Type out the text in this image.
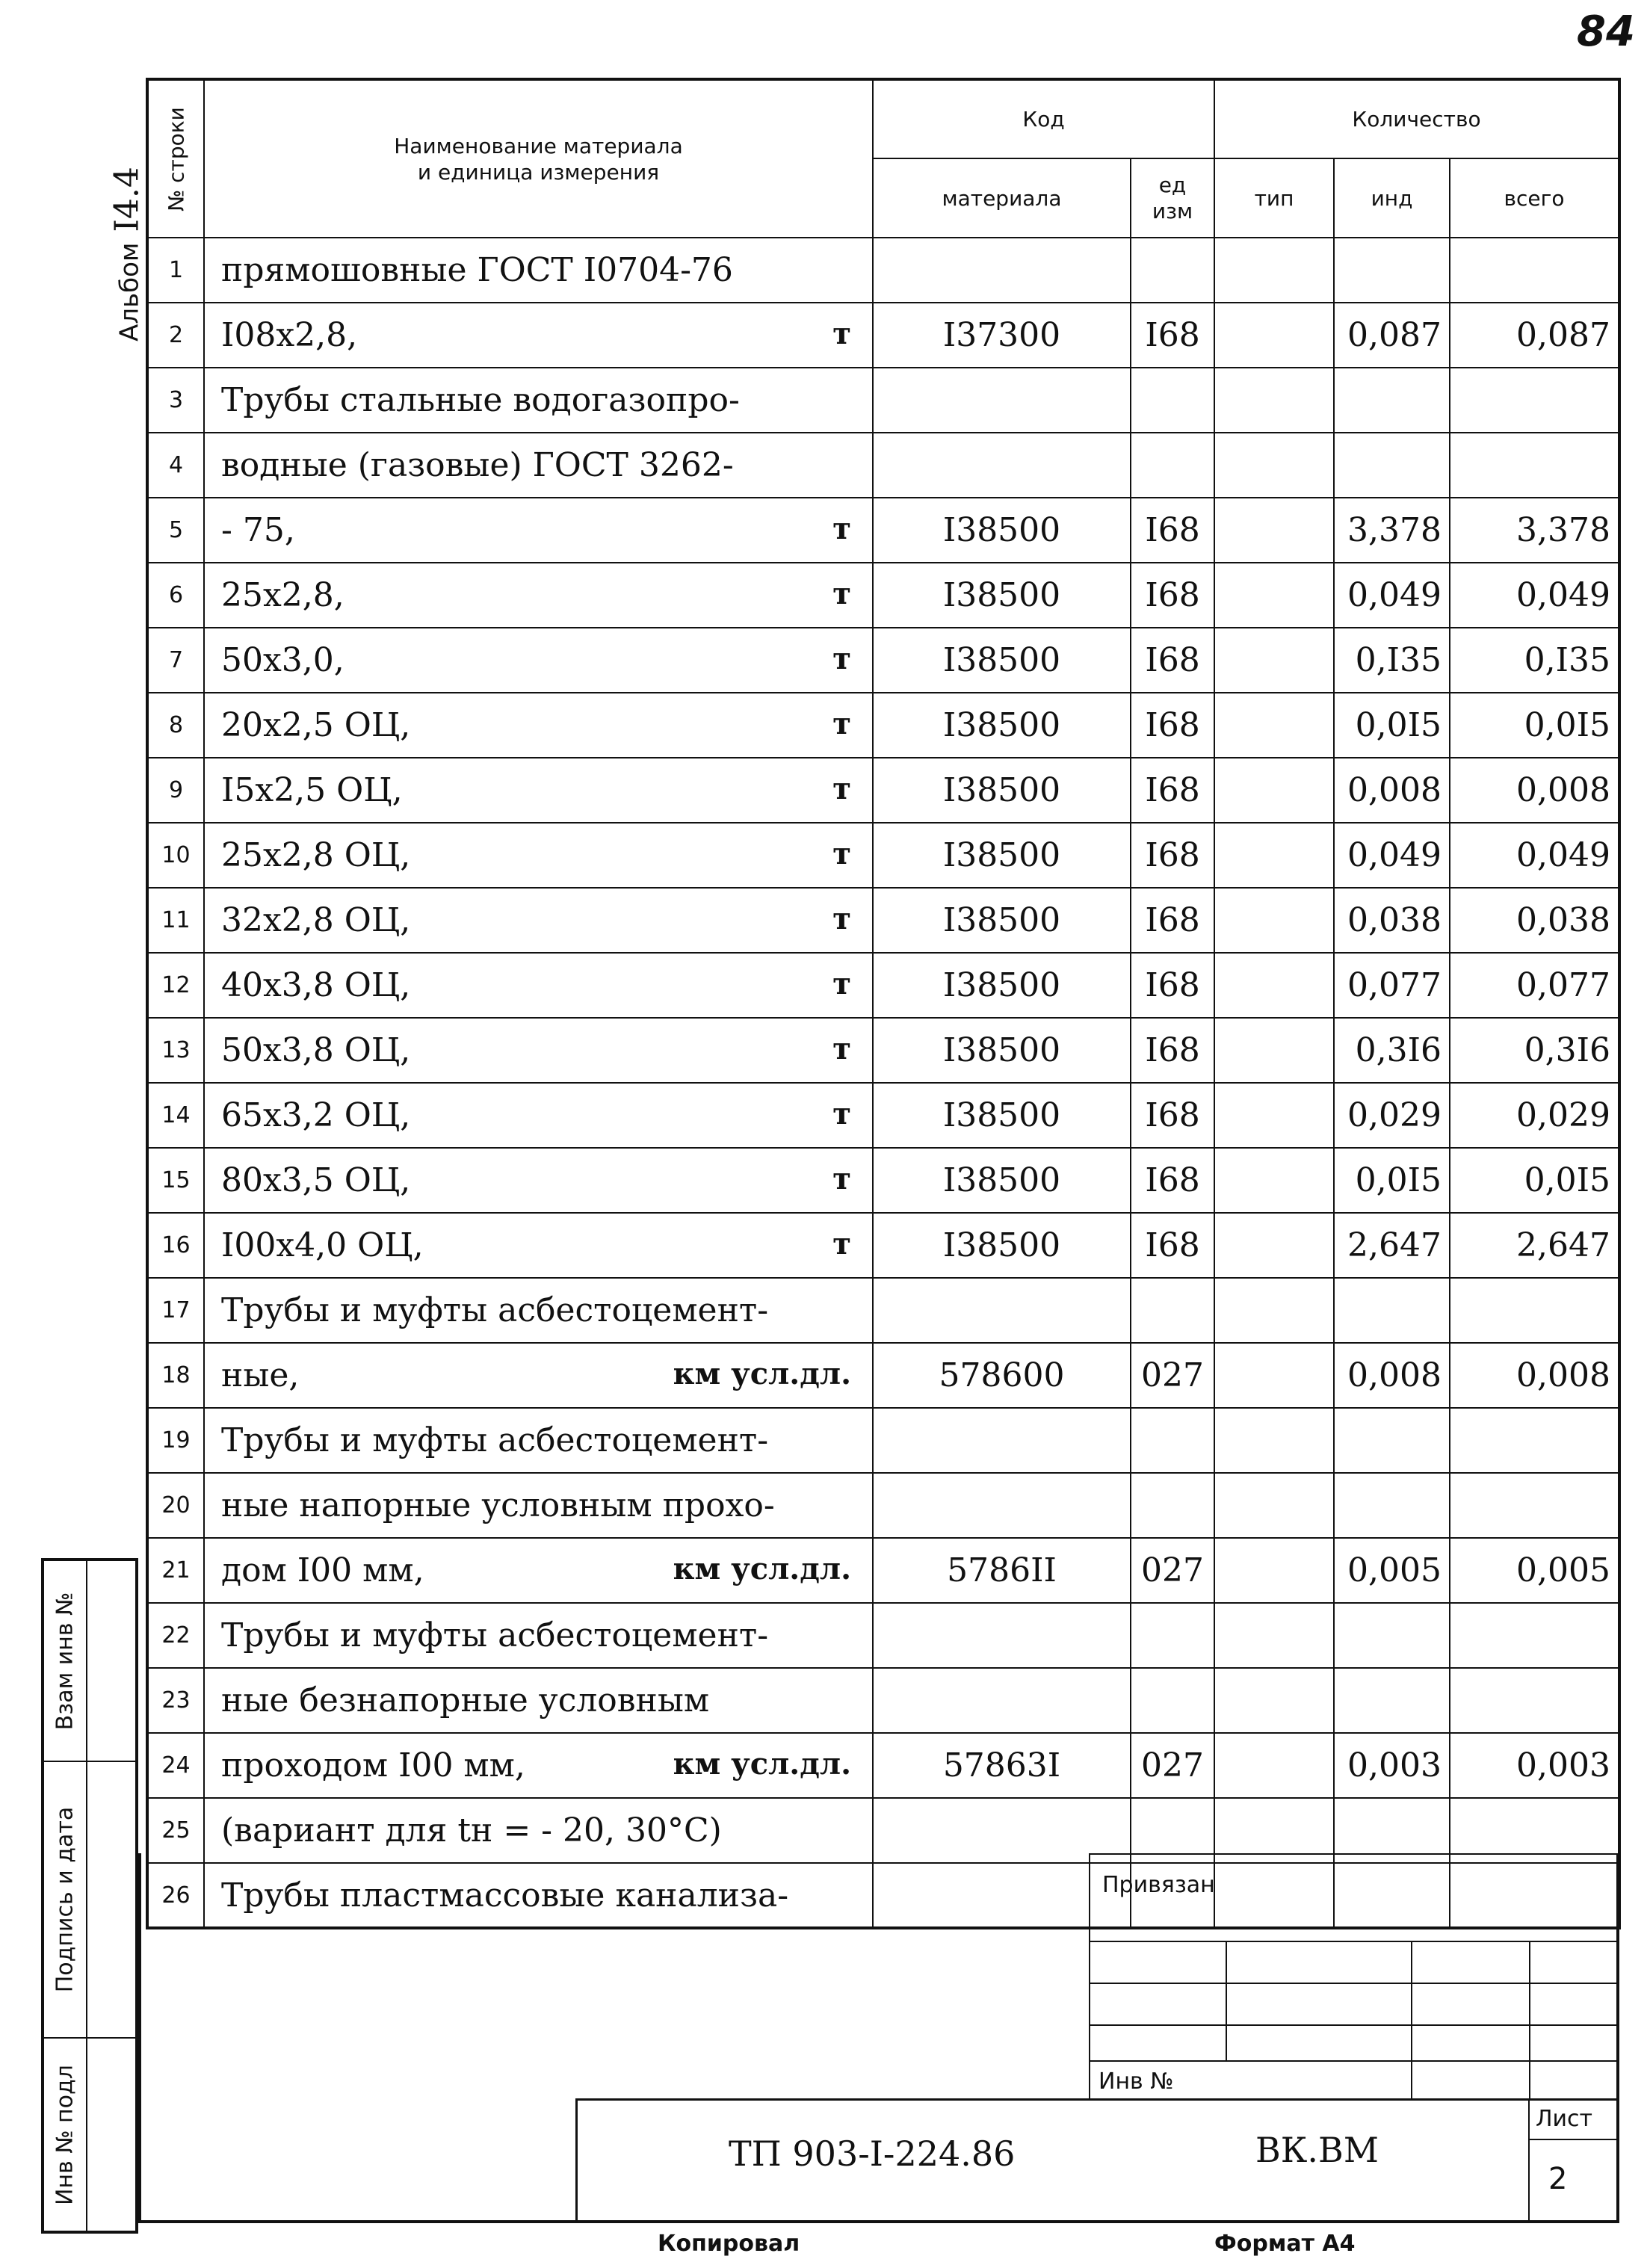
84
АльбомI4.4 № строки	Наименование материала
и единица измерения	Код		Количество		
		материала	ед
изм	тип	инд	всего
1	прямошовные ГОСТ I0704-76

2	I08х2,8, т	I37300	I68		0,087	0,087
3	Трубы стальные водогазопро-

4	водные (газовые) ГОСТ 3262-

5	- 75, т	I38500	I68		3,378	3,378
6	25х2,8, т	I38500	I68		0,049	0,049
7	50х3,0, т	I38500	I68		0,I35	0,I35
8	20х2,5 ОЦ, т	I38500	I68		0,0I5	0,0I5
9	I5х2,5 ОЦ, т	I38500	I68		0,008	0,008
10	25х2,8 ОЦ, т	I38500	I68		0,049	0,049
11	32х2,8 ОЦ, т	I38500	I68		0,038	0,038
12	40х3,8 ОЦ, т	I38500	I68		0,077	0,077
13	50х3,8 ОЦ, т	I38500	I68		0,3I6	0,3I6
14	65х3,2 ОЦ, т	I38500	I68		0,029	0,029
15	80х3,5 ОЦ, т	I38500	I68		0,0I5	0,0I5
16	I00х4,0 ОЦ, т	I38500	I68		2,647	2,647
17	Трубы и муфты асбестоцемент-

18	ные, км усл.дл.	578600	027		0,008	0,008
19	Трубы и муфты асбестоцемент-

20	ные напорные условным прохо-

21	дом I00 мм, км усл.дл.	5786II	027		0,005	0,005
22	Трубы и муфты асбестоцемент-

23	ные безнапорные условным

24	проходом I00 мм, км усл.дл.	57863I	027		0,003	0,003
25	(вариант для tн = - 20, 30°С)

26	Трубы пластмассовые канализа-

Взам инв №	

Подпись и дата	

Инв № подл	

Привязан
Инв №
ТП 903-I-224.86	ВК.ВМ
Лист
2
Копировал	Формат А4
